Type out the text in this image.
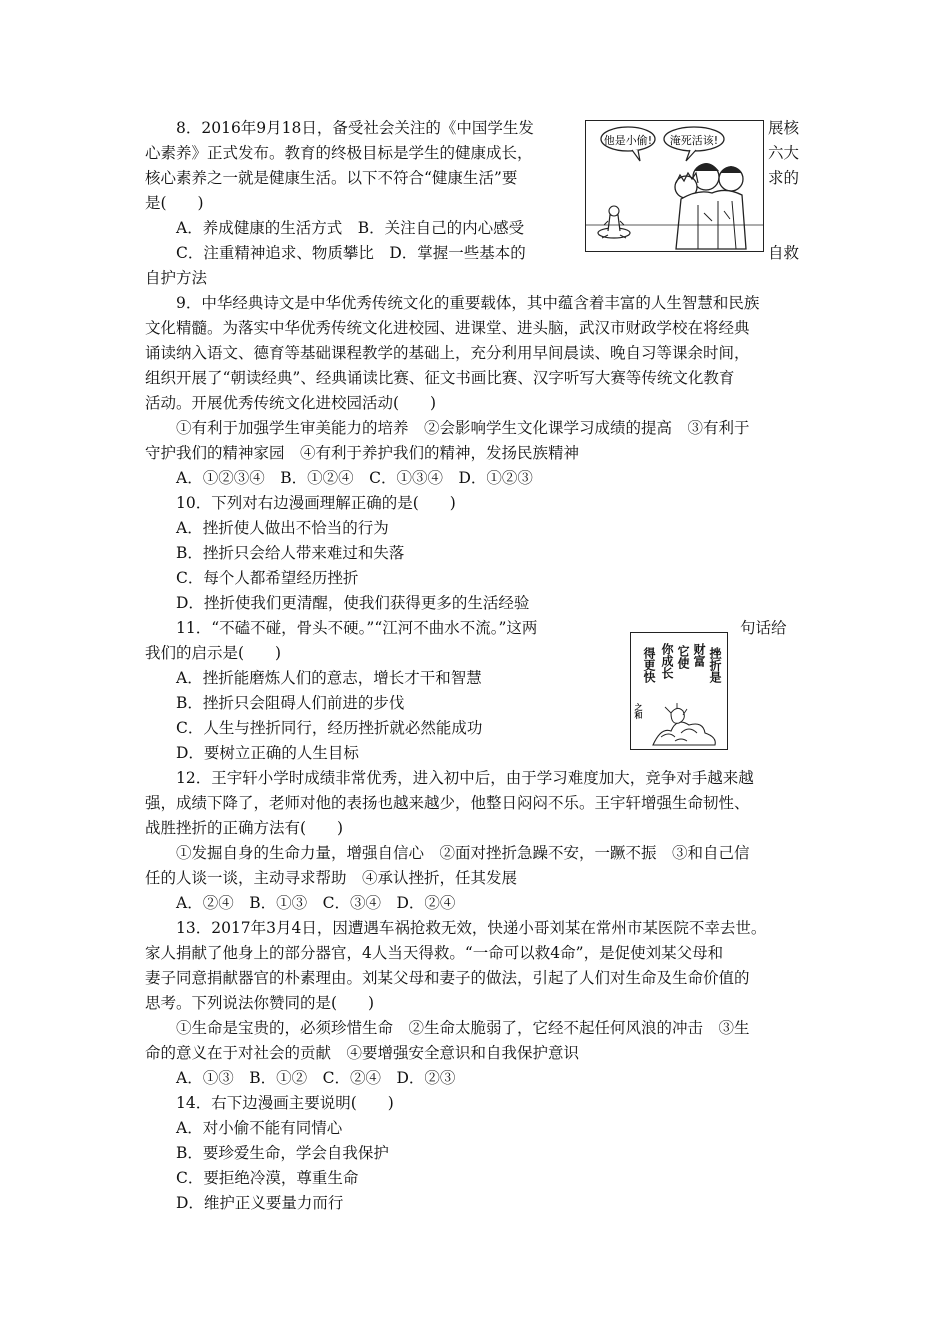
8．2016年9月18日，备受社会关注的《中国学生发	展核
心素养》正式发布。教育的终极目标是学生的健康成长，	六大
核心素养之一就是健康生活。以下不符合“健康生活”要	求的
是(　　)
A．养成健康的生活方式　B．关注自己的内心感受
C．注重精神追求、物质攀比　D．掌握一些基本的	自救
自护方法
他是小偷! 淹死活该!
9．中华经典诗文是中华优秀传统文化的重要载体，其中蕴含着丰富的人生智慧和民族
文化精髓。为落实中华优秀传统文化进校园、进课堂、进头脑，武汉市财政学校在将经典
诵读纳入语文、德育等基础课程教学的基础上，充分利用早间晨读、晚自习等课余时间，
组织开展了“朝读经典”、经典诵读比赛、征文书画比赛、汉字听写大赛等传统文化教育
活动。开展优秀传统文化进校园活动(　　)
①有利于加强学生审美能力的培养　②会影响学生文化课学习成绩的提高　③有利于
守护我们的精神家园　④有利于养护我们的精神，发扬民族精神
A．①②③④　B．①②④　C．①③④　D．①②③
10．下列对右边漫画理解正确的是(　　)
A．挫折使人做出不恰当的行为
B．挫折只会给人带来难过和失落
C．每个人都希望经历挫折
D．挫折使我们更清醒，使我们获得更多的生活经验
11．“不磕不碰，骨头不硬。”“江河不曲水不流。”这两	句话给
我们的启示是(　　)
A．挫折能磨炼人们的意志，增长才干和智慧
B．挫折只会阻碍人们前进的步伐
C．人生与挫折同行，经历挫折就必然能成功
D．要树立正确的人生目标
挫折是
财富
它使
你成长
得更快
之和
12．王宇轩小学时成绩非常优秀，进入初中后，由于学习难度加大，竞争对手越来越
强，成绩下降了，老师对他的表扬也越来越少，他整日闷闷不乐。王宇轩增强生命韧性、
战胜挫折的正确方法有(　　)
①发掘自身的生命力量，增强自信心　②面对挫折急躁不安，一蹶不振　③和自己信
任的人谈一谈，主动寻求帮助　④承认挫折，任其发展
A．②④　B．①③　C．③④　D．②④
13．2017年3月4日，因遭遇车祸抢救无效，快递小哥刘某在常州市某医院不幸去世。
家人捐献了他身上的部分器官，4人当天得救。“一命可以救4命”，是促使刘某父母和
妻子同意捐献器官的朴素理由。刘某父母和妻子的做法，引起了人们对生命及生命价值的
思考。下列说法你赞同的是(　　)
①生命是宝贵的，必须珍惜生命　②生命太脆弱了，它经不起任何风浪的冲击　③生
命的意义在于对社会的贡献　④要增强安全意识和自我保护意识
A．①③　B．①②　C．②④　D．②③
14．右下边漫画主要说明(　　)
A．对小偷不能有同情心
B．要珍爱生命，学会自我保护
C．要拒绝冷漠，尊重生命
D．维护正义要量力而行
